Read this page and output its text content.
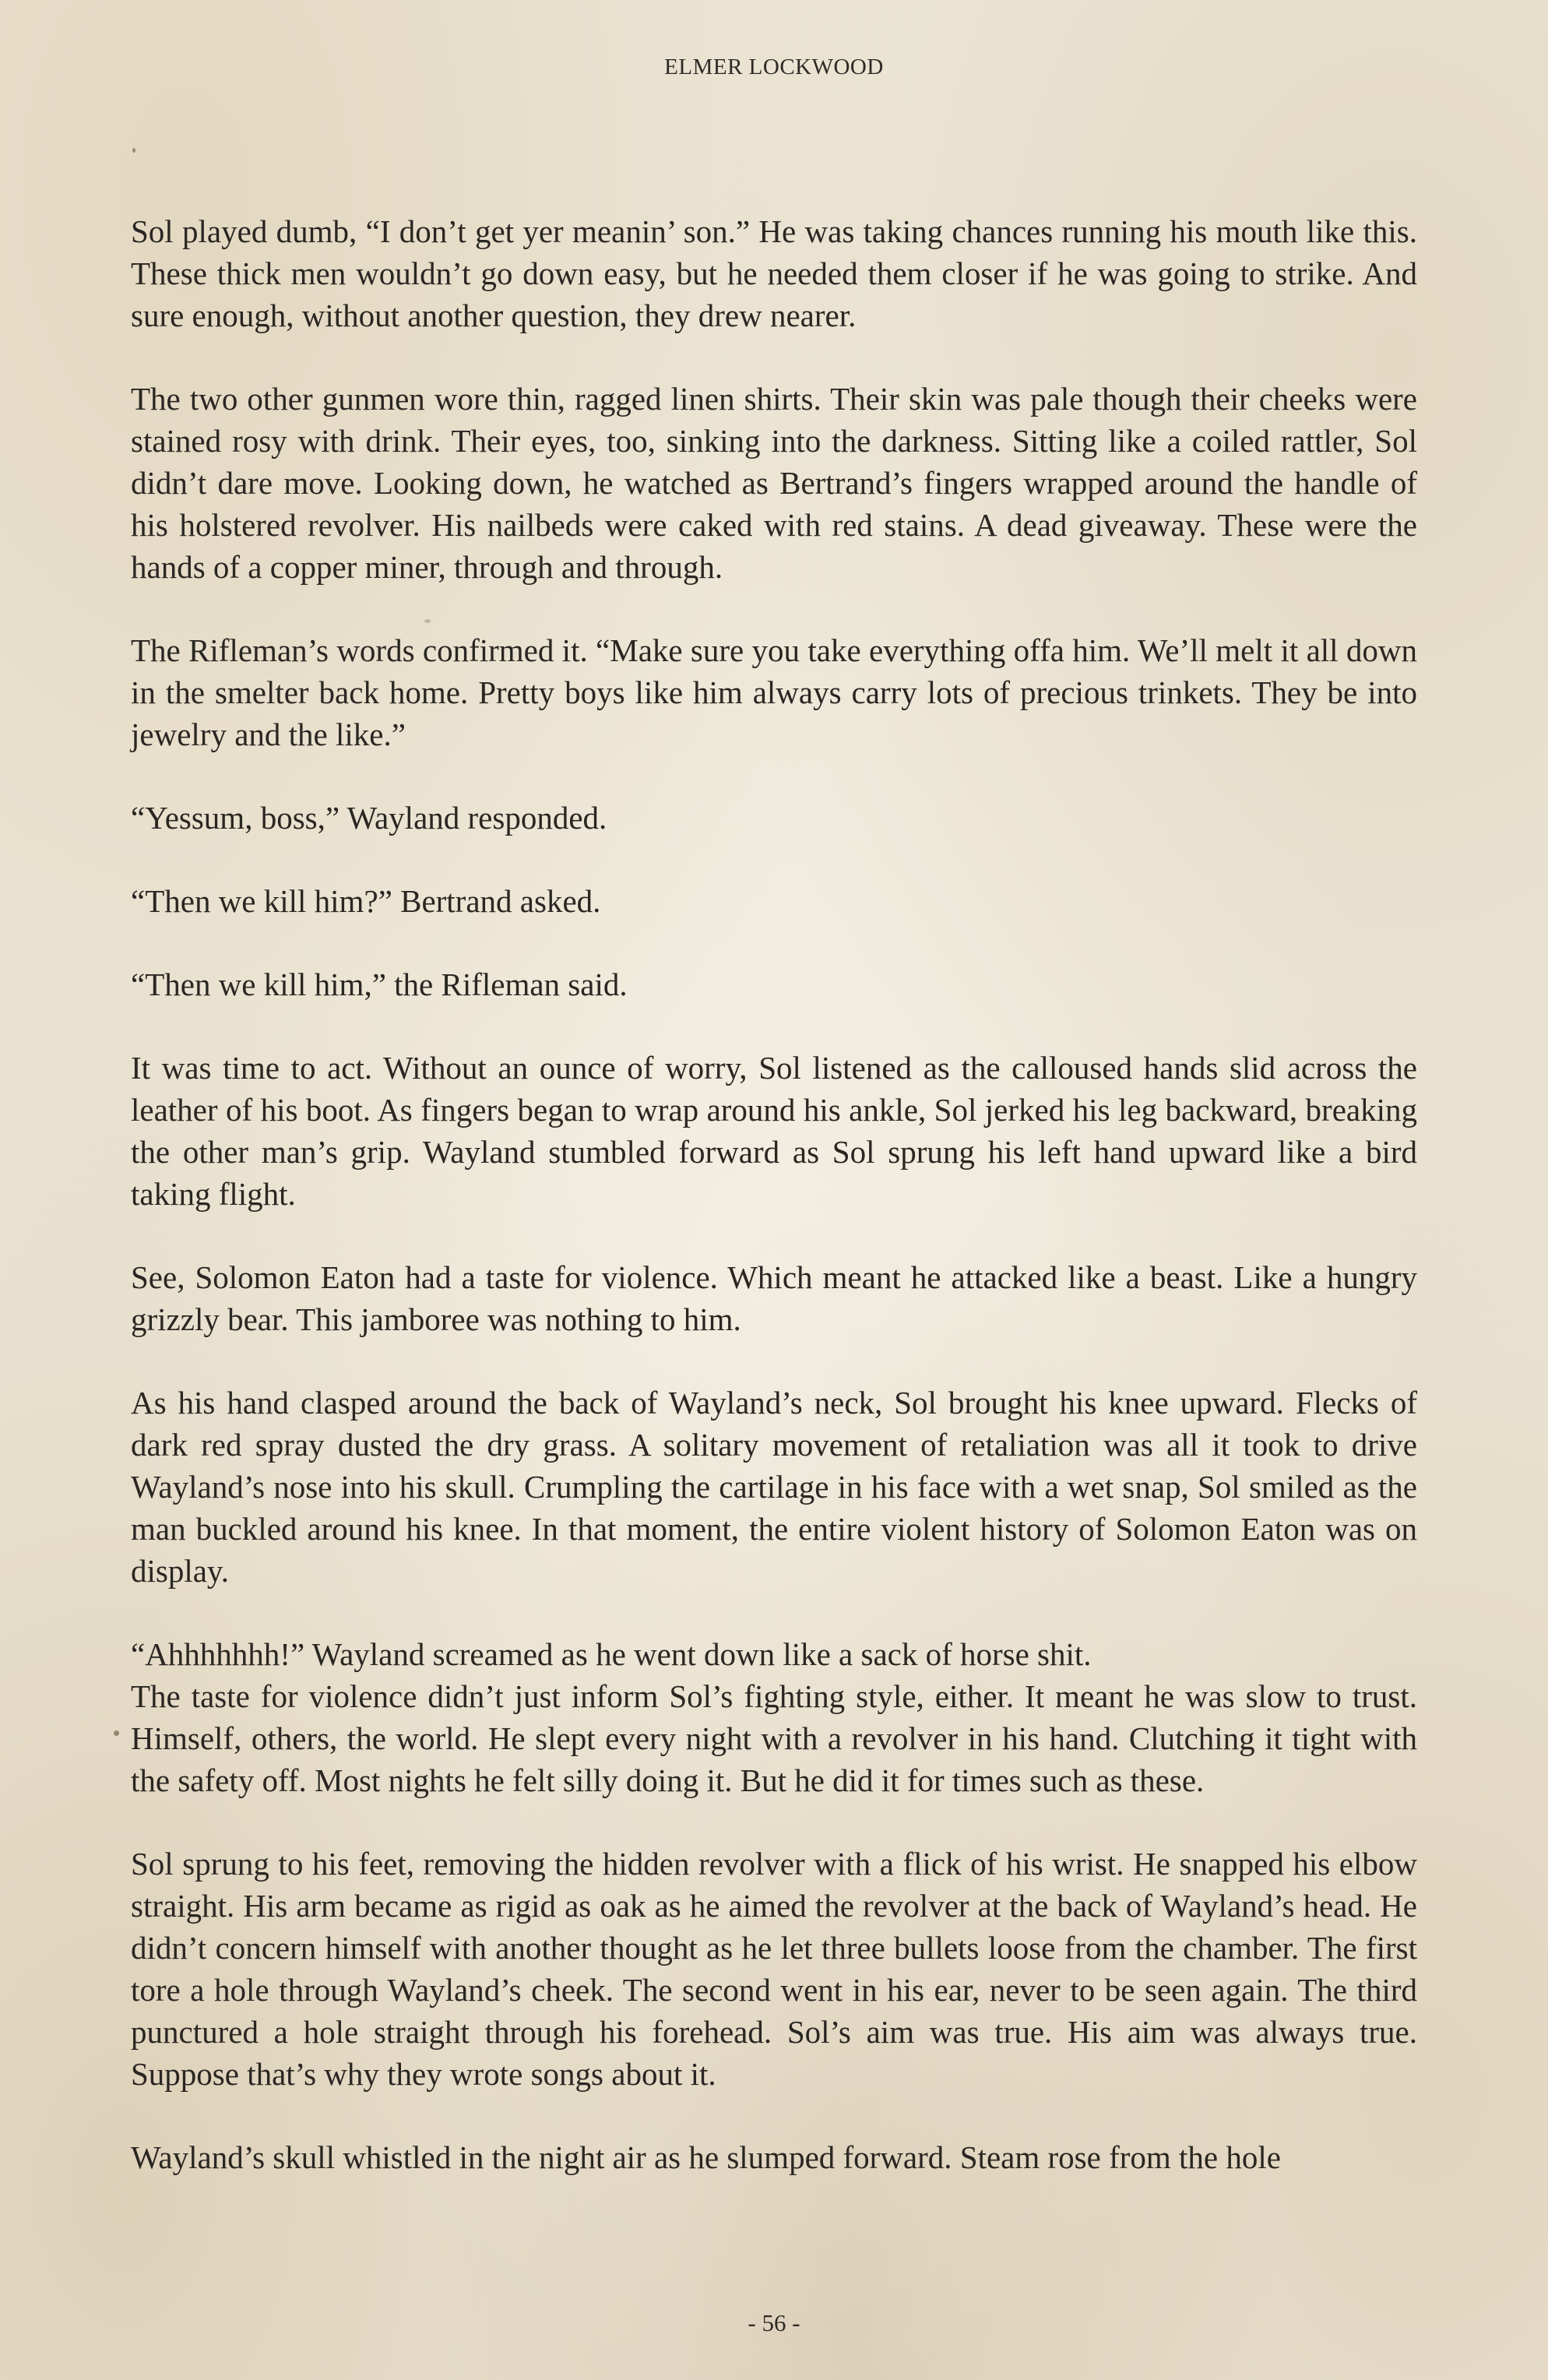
ELMER LOCKWOOD

Sol played dumb, “I don’t get yer meanin’ son.” He was taking chances running his mouth like this. These thick men wouldn’t go down easy, but he needed them closer if he was going to strike. And sure enough, without another question, they drew nearer.

The two other gunmen wore thin, ragged linen shirts. Their skin was pale though their cheeks were stained rosy with drink. Their eyes, too, sinking into the darkness. Sitting like a coiled rattler, Sol didn’t dare move. Looking down, he watched as Bertrand’s fingers wrapped around the handle of his holstered revolver. His nailbeds were caked with red stains. A dead giveaway. These were the hands of a copper miner, through and through.

The Rifleman’s words confirmed it. “Make sure you take everything offa him. We’ll melt it all down in the smelter back home. Pretty boys like him always carry lots of precious trinkets. They be into jewelry and the like.”

“Yessum, boss,” Wayland responded.

“Then we kill him?” Bertrand asked.

“Then we kill him,” the Rifleman said.

It was time to act. Without an ounce of worry, Sol listened as the calloused hands slid across the leather of his boot. As fingers began to wrap around his ankle, Sol jerked his leg backward, breaking the other man’s grip. Wayland stumbled forward as Sol sprung his left hand upward like a bird taking flight.

See, Solomon Eaton had a taste for violence. Which meant he attacked like a beast. Like a hungry grizzly bear. This jamboree was nothing to him.

As his hand clasped around the back of Wayland’s neck, Sol brought his knee upward. Flecks of dark red spray dusted the dry grass. A solitary movement of retaliation was all it took to drive Wayland’s nose into his skull. Crumpling the cartilage in his face with a wet snap, Sol smiled as the man buckled around his knee. In that moment, the entire violent history of Solomon Eaton was on display.

“Ahhhhhhh!” Wayland screamed as he went down like a sack of horse shit.

The taste for violence didn’t just inform Sol’s fighting style, either. It meant he was slow to trust. Himself, others, the world. He slept every night with a revolver in his hand. Clutching it tight with the safety off. Most nights he felt silly doing it. But he did it for times such as these.

Sol sprung to his feet, removing the hidden revolver with a flick of his wrist. He snapped his elbow straight. His arm became as rigid as oak as he aimed the revolver at the back of Wayland’s head. He didn’t concern himself with another thought as he let three bullets loose from the chamber. The first tore a hole through Wayland’s cheek. The second went in his ear, never to be seen again. The third punctured a hole straight through his forehead. Sol’s aim was true. His aim was always true. Suppose that’s why they wrote songs about it.

Wayland’s skull whistled in the night air as he slumped forward. Steam rose from the hole

- 56 -
